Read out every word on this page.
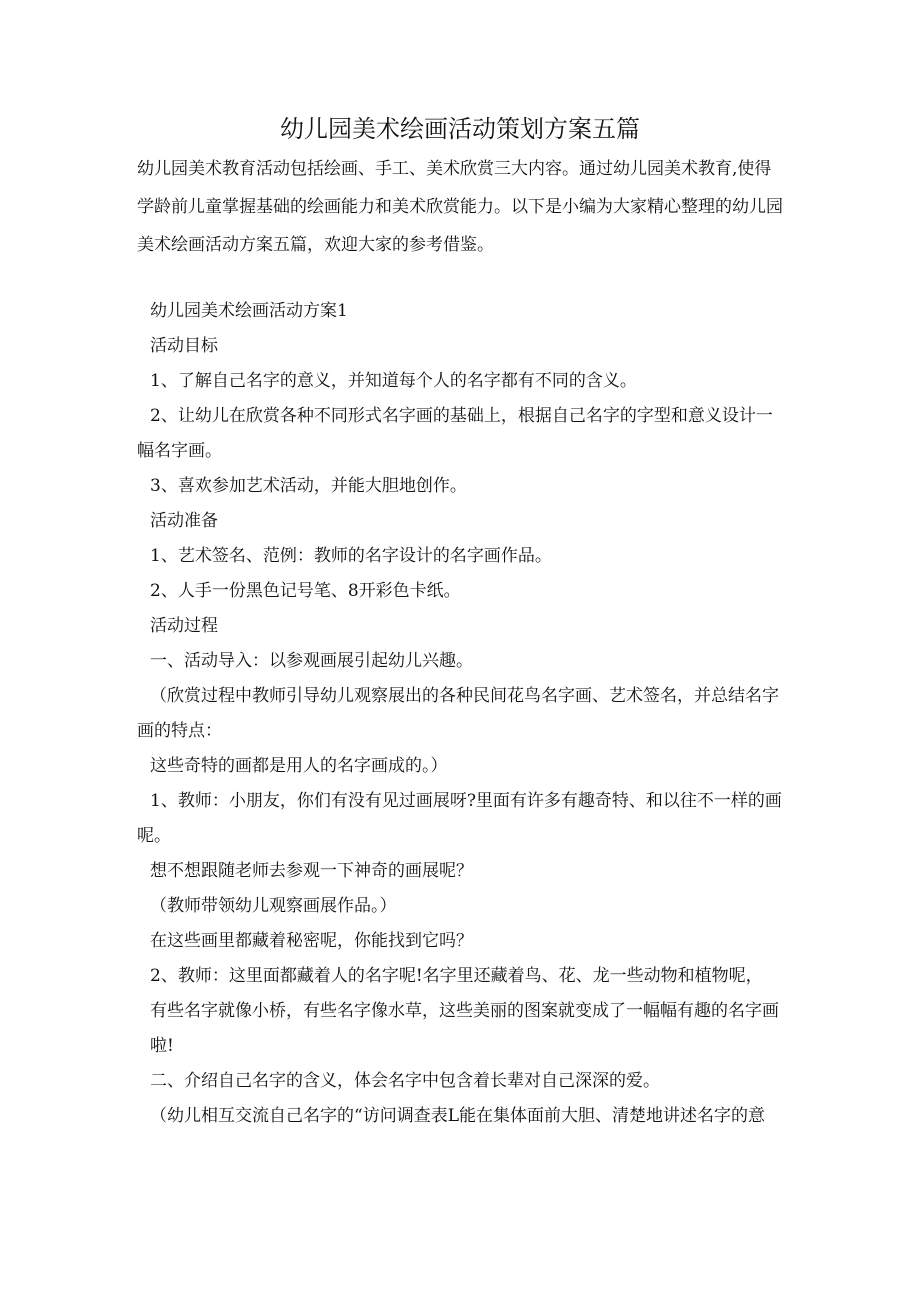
幼儿园美术绘画活动策划方案五篇

幼儿园美术教育活动包括绘画、手工、美术欣赏三大内容。通过幼儿园美术教育,使得学龄前儿童掌握基础的绘画能力和美术欣赏能力。以下是小编为大家精心整理的幼儿园美术绘画活动方案五篇，欢迎大家的参考借鉴。

幼儿园美术绘画活动方案1

活动目标

1、了解自己名字的意义，并知道每个人的名字都有不同的含义。

2、让幼儿在欣赏各种不同形式名字画的基础上，根据自己名字的字型和意义设计一幅名字画。

3、喜欢参加艺术活动，并能大胆地创作。

活动准备

1、艺术签名、范例：教师的名字设计的名字画作品。

2、人手一份黑色记号笔、8开彩色卡纸。

活动过程

一、活动导入：以参观画展引起幼儿兴趣。

（欣赏过程中教师引导幼儿观察展出的各种民间花鸟名字画、艺术签名，并总结名字画的特点：

这些奇特的画都是用人的名字画成的。）

1、教师：小朋友，你们有没有见过画展呀?里面有许多有趣奇特、和以往不一样的画呢。

想不想跟随老师去参观一下神奇的画展呢？

（教师带领幼儿观察画展作品。）

在这些画里都藏着秘密呢，你能找到它吗？

2、教师：这里面都藏着人的名字呢!名字里还藏着鸟、花、龙一些动物和植物呢，

有些名字就像小桥，有些名字像水草，这些美丽的图案就变成了一幅幅有趣的名字画啦!

二、介绍自己名字的含义，体会名字中包含着长辈对自己深深的爱。

（幼儿相互交流自己名字的“访问调查表L能在集体面前大胆、清楚地讲述名字的意
